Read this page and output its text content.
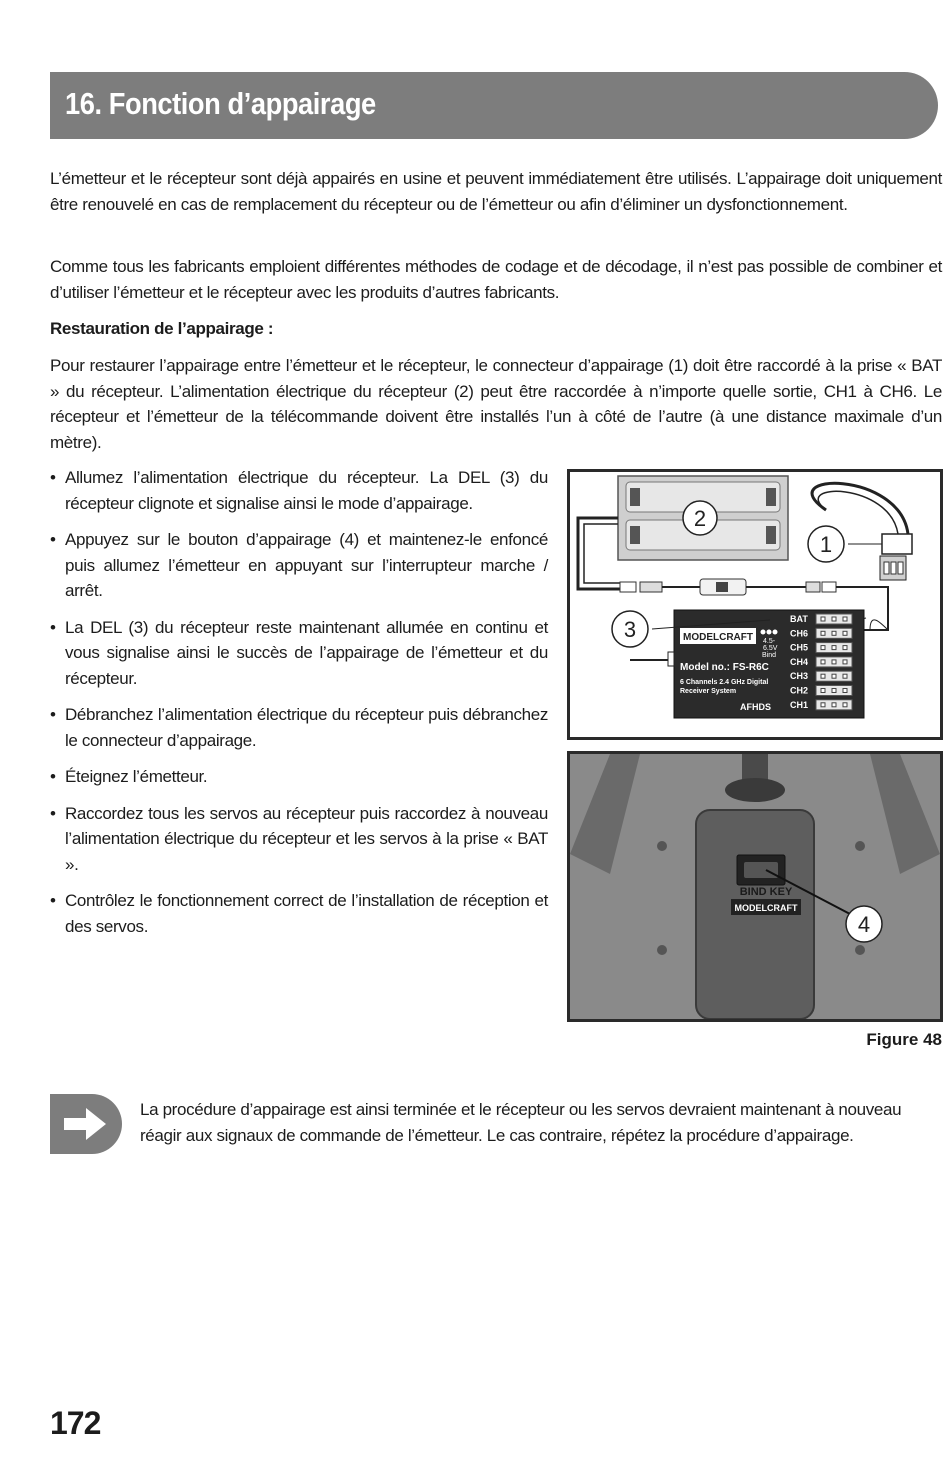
16. Fonction d’appairage

L’émetteur et le récepteur sont déjà appairés en usine et peuvent immédiatement être utilisés. L’appairage doit uniquement être renouvelé en cas de remplacement du récepteur ou de l’émetteur ou afin d’éliminer un dysfonctionnement.

Comme tous les fabricants emploient différentes méthodes de codage et de décodage, il n’est pas possible de combiner et d’utiliser l’émetteur et le récepteur avec les produits d’autres fabricants.

Restauration de l’appairage :

Pour restaurer l’appairage entre l’émetteur et le récepteur, le connecteur d’appairage (1) doit être raccordé à la prise « BAT » du récepteur. L’alimentation électrique du récepteur (2) peut être raccordée à n’importe quelle sortie, CH1 à CH6. Le récepteur et l’émetteur de la télécommande doivent être installés l’un à côté de l’autre (à une distance maximale d’un mètre).

• Allumez l’alimentation électrique du récepteur. La DEL (3) du récepteur clignote et signalise ainsi le mode d’appairage.
• Appuyez sur le bouton d’appairage (4) et maintenez-le enfoncé puis allumez l’émetteur en appuyant sur l’interrupteur marche / arrêt.
• La DEL (3) du récepteur reste maintenant allumée en continu et vous signalise ainsi le succès de l’appairage de l’émetteur et du récepteur.
• Débranchez l’alimentation électrique du récepteur puis débranchez le connecteur d’appairage.
• Éteignez l’émetteur.
• Raccordez tous les servos au récepteur puis raccordez à nouveau l’alimentation électrique du récepteur et les servos à la prise « BAT ».
• Contrôlez le fonctionnement correct de l’installation de réception et des servos.
MODELCRAFT 4.5-
6.5V
Bind
Model no.: FS-R6C
6 Channels 2.4 GHz Digital
Receiver System
AFHDS
BAT
CH6
CH5
CH4
CH3
CH2
CH1
2
1
3
BIND KEY
MODELCRAFT
4

Figure 48

La procédure d’appairage est ainsi terminée et le récepteur ou les servos devraient maintenant à nouveau réagir aux signaux de commande de l’émetteur. Le cas contraire, répétez la procédure d’appairage.

172
